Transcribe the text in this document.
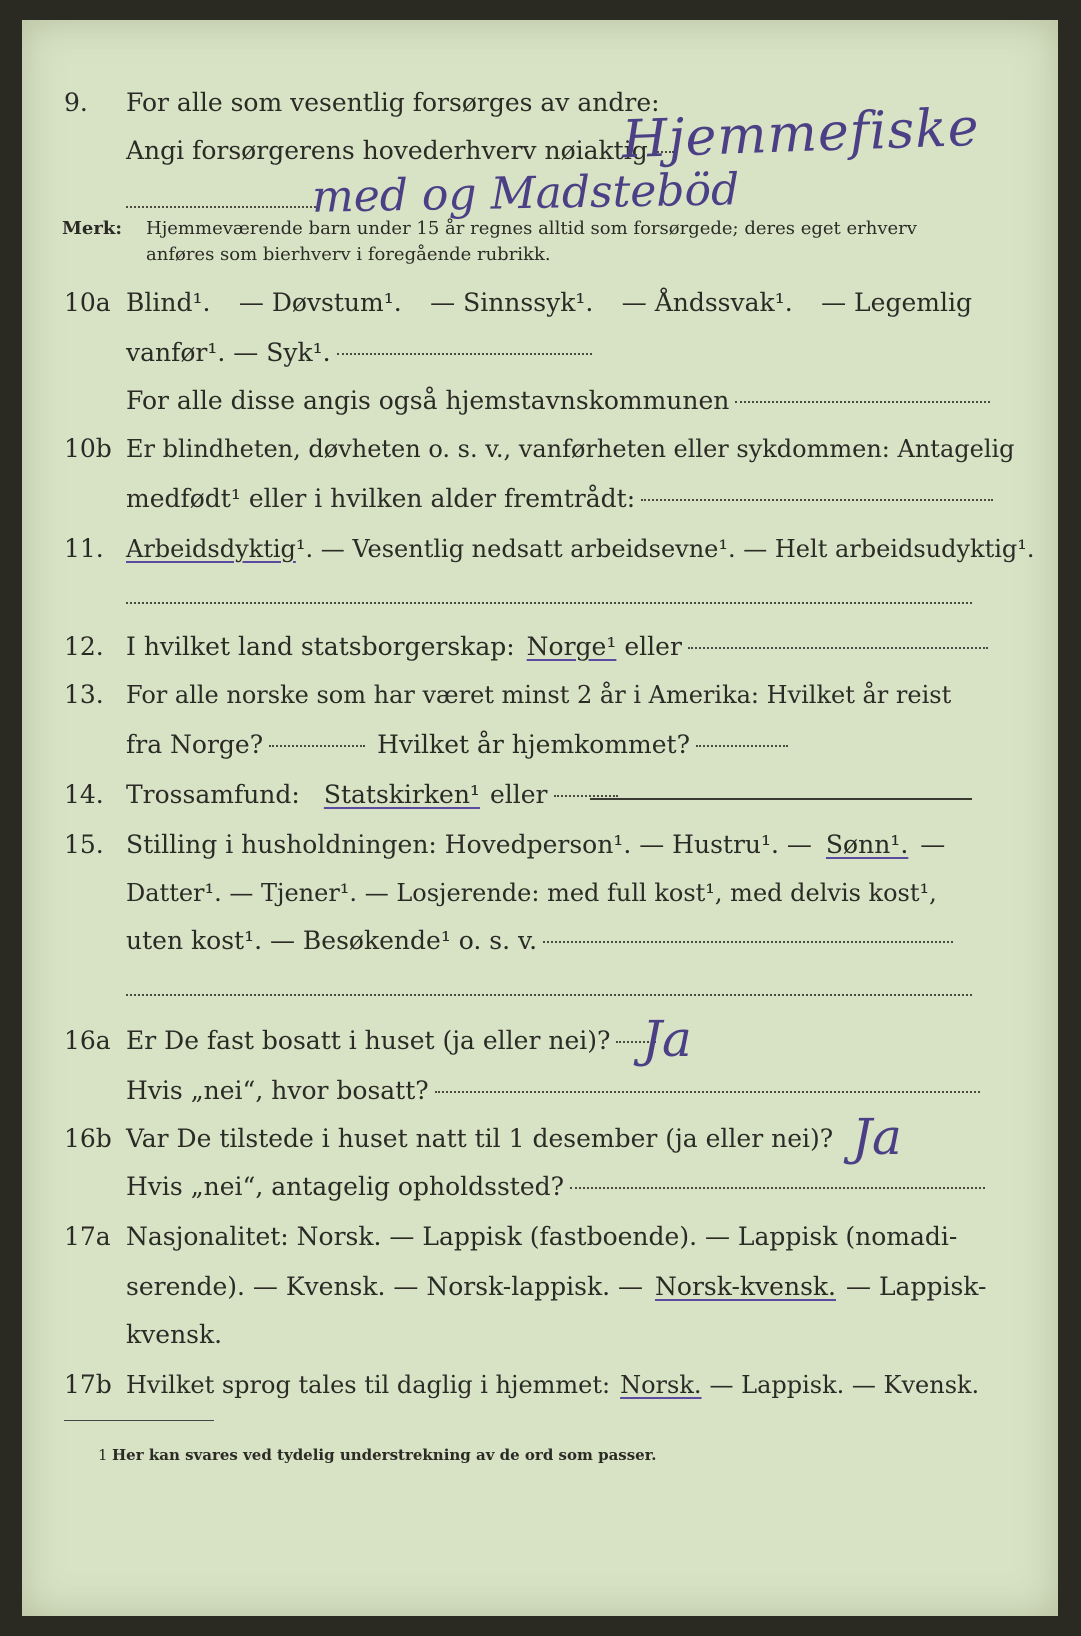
9. For alle som vesentlig forsørges av andre:
Angi forsørgerens hovederhverv nøiaktig
Hjemmefiske
med og Madsteböd
Merk: Hjemmeværende barn under 15 år regnes alltid som forsørgede; deres eget erhverv
anføres som bierhverv i foregående rubrikk.
10a Blind¹. — Døvstum¹. — Sinnssyk¹. — Åndssvak¹. — Legemlig
vanfør¹. — Syk¹.
For alle disse angis også hjemstavnskommunen
10b Er blindheten, døvheten o. s. v., vanførheten eller sykdommen: Antagelig
medfødt¹ eller i hvilken alder fremtrådt:
11. Arbeidsdyktig ¹. — Vesentlig nedsatt arbeidsevne¹. — Helt arbeidsudyktig¹.
12. I hvilket land statsborgerskap: Norge¹ eller
13. For alle norske som har været minst 2 år i Amerika: Hvilket år reist
fra Norge?	Hvilket år hjemkommet?
14. Trossamfund: Statskirken¹ eller
15. Stilling i husholdningen: Hovedperson¹. — Hustru¹. — Sønn¹. —
Datter¹. — Tjener¹. — Losjerende: med full kost¹, med delvis kost¹,
uten kost¹. — Besøkende¹ o. s. v.
16a Er De fast bosatt i huset (ja eller nei)? Ja
Hvis „nei“, hvor bosatt?
16b Var De tilstede i huset natt til 1 desember (ja eller nei)? Ja
Hvis „nei“, antagelig opholdssted?
17a Nasjonalitet: Norsk. — Lappisk (fastboende). — Lappisk (nomadi-
serende). — Kvensk. — Norsk-lappisk. — Norsk-kvensk. — Lappisk-
kvensk.
17b Hvilket sprog tales til daglig i hjemmet: Norsk. — Lappisk. — Kvensk.
1 Her kan svares ved tydelig understrekning av de ord som passer.
